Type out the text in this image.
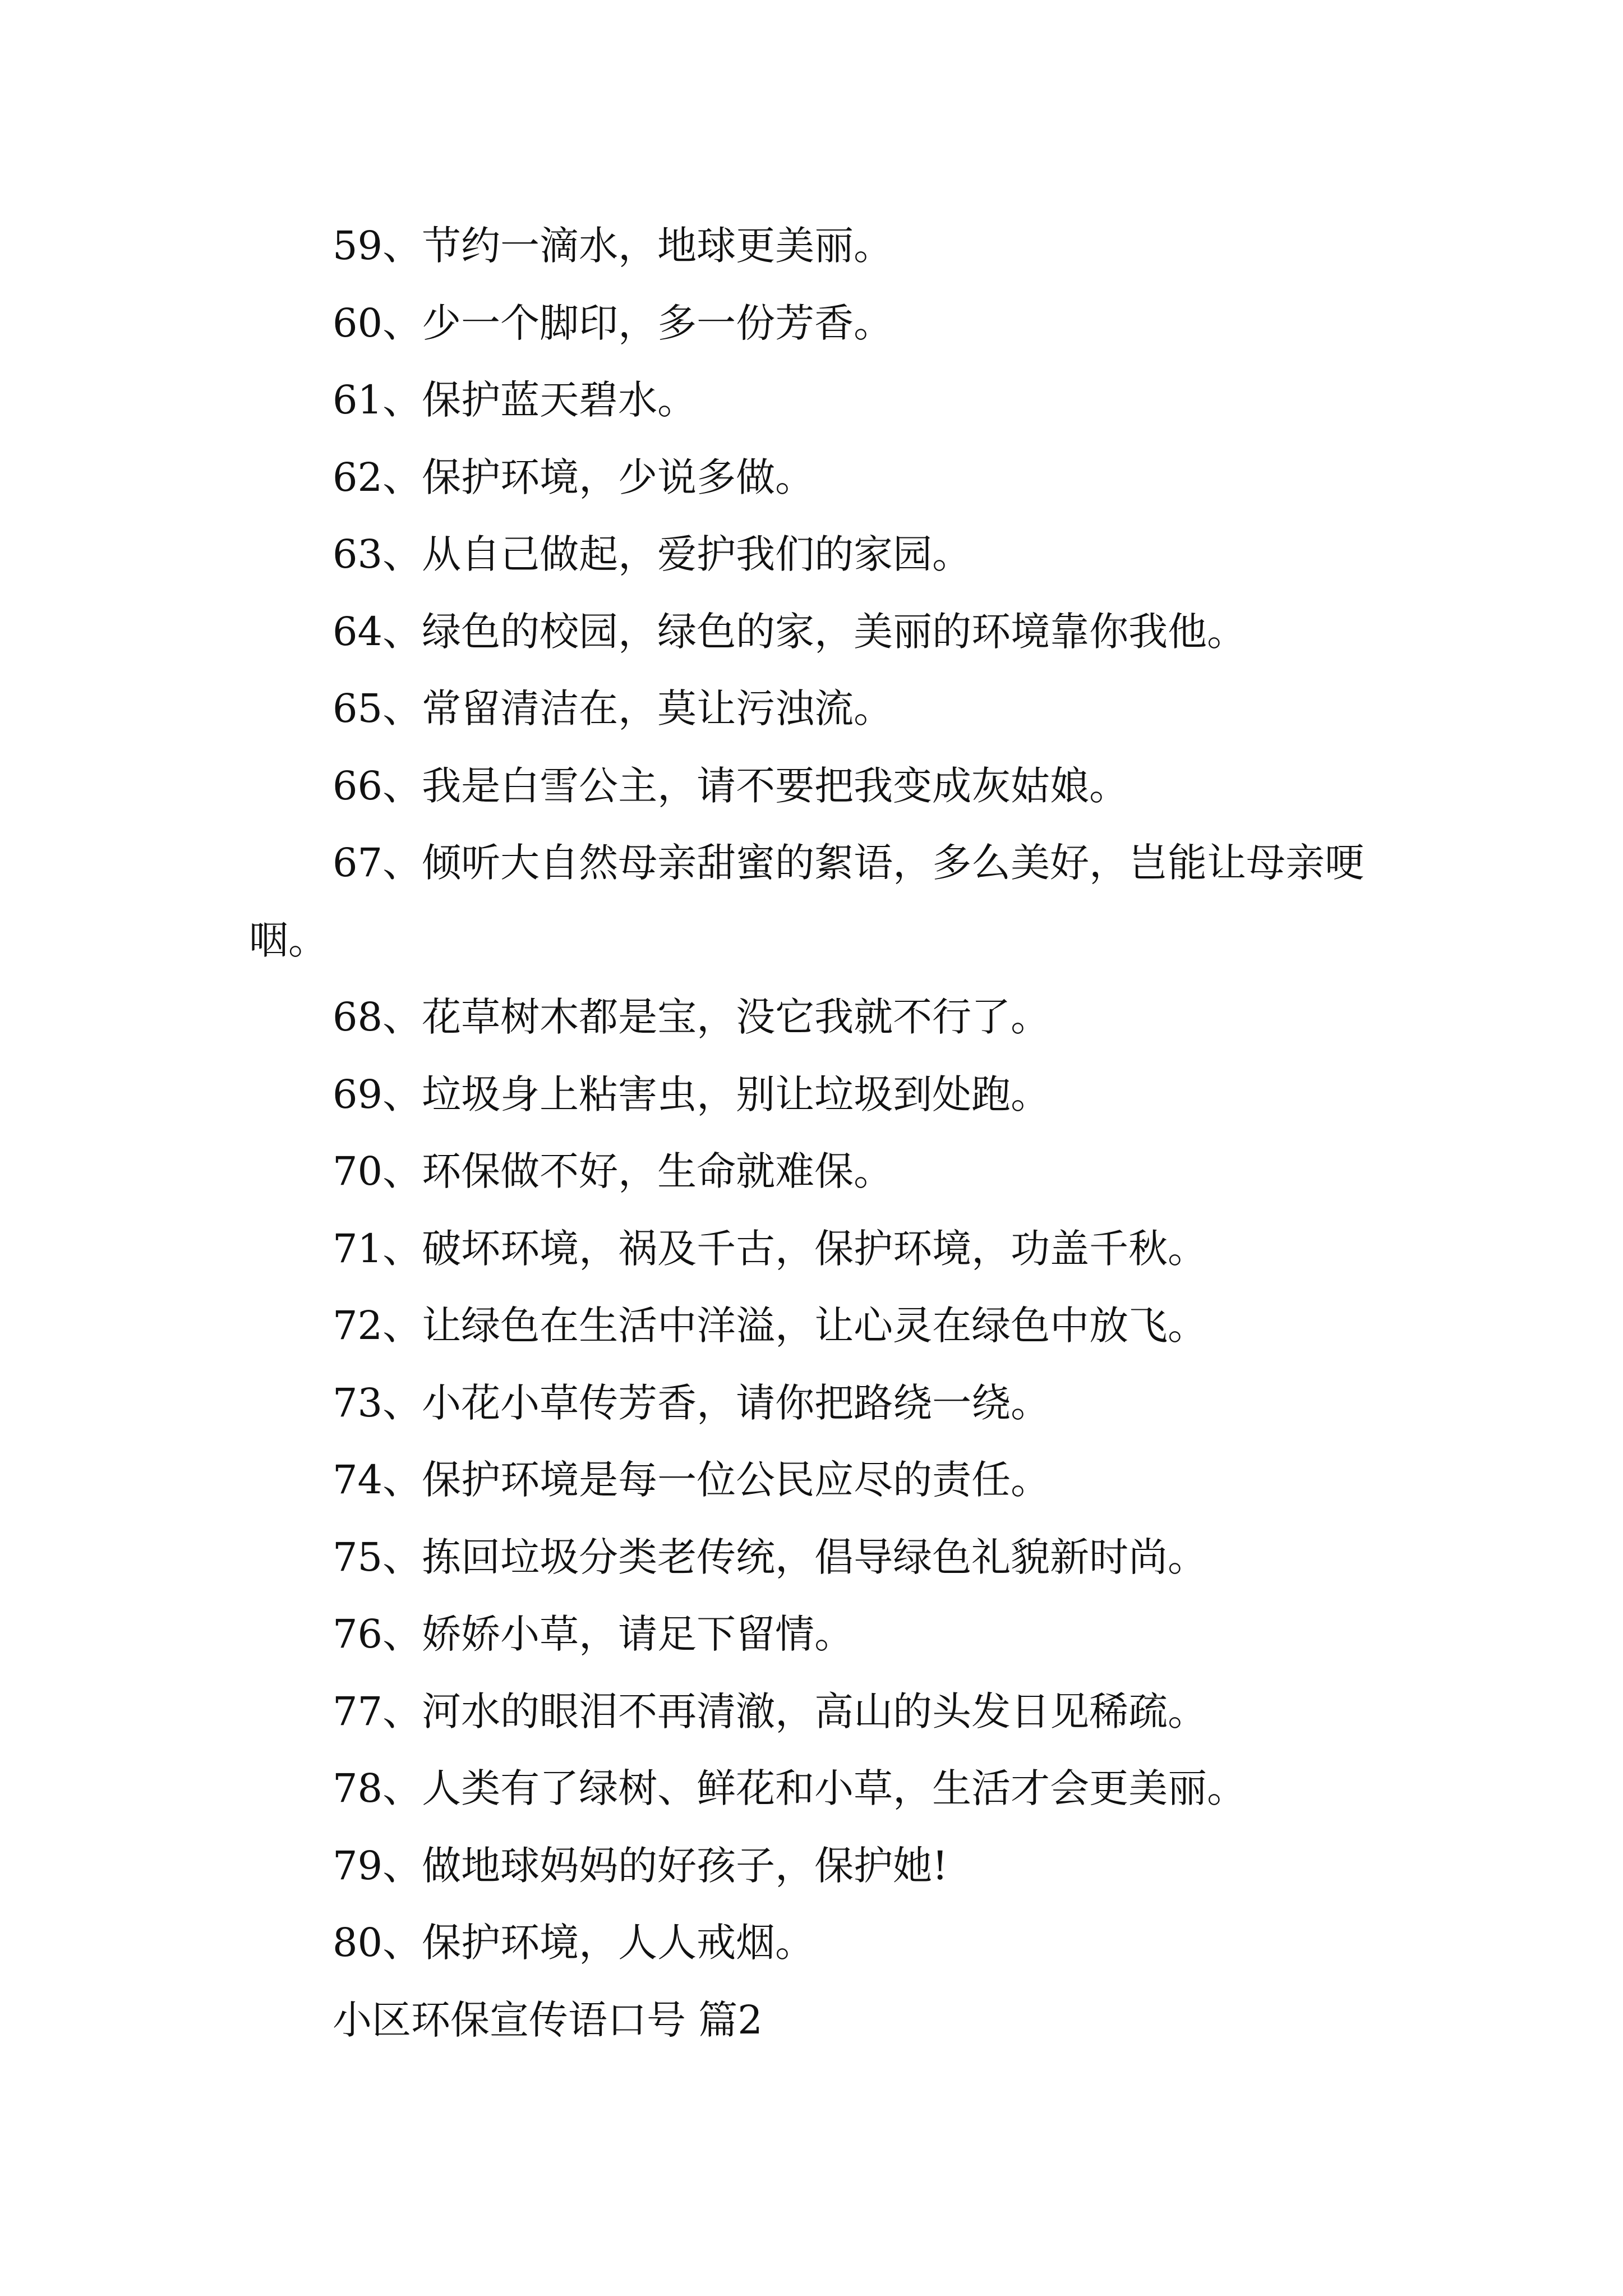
59、节约一滴水，地球更美丽。

60、少一个脚印，多一份芳香。

61、保护蓝天碧水。

62、保护环境，少说多做。

63、从自己做起，爱护我们的家园。

64、绿色的校园，绿色的家，美丽的环境靠你我他。

65、常留清洁在，莫让污浊流。

66、我是白雪公主，请不要把我变成灰姑娘。

67、倾听大自然母亲甜蜜的絮语，多么美好，岂能让母亲哽咽。

68、花草树木都是宝，没它我就不行了。

69、垃圾身上粘害虫，别让垃圾到处跑。

70、环保做不好，生命就难保。

71、破坏环境，祸及千古，保护环境，功盖千秋。

72、让绿色在生活中洋溢，让心灵在绿色中放飞。

73、小花小草传芳香，请你把路绕一绕。

74、保护环境是每一位公民应尽的责任。

75、拣回垃圾分类老传统，倡导绿色礼貌新时尚。

76、娇娇小草，请足下留情。

77、河水的眼泪不再清澈，高山的头发日见稀疏。

78、人类有了绿树、鲜花和小草，生活才会更美丽。

79、做地球妈妈的好孩子，保护她!

80、保护环境，人人戒烟。

小区环保宣传语口号 篇2
